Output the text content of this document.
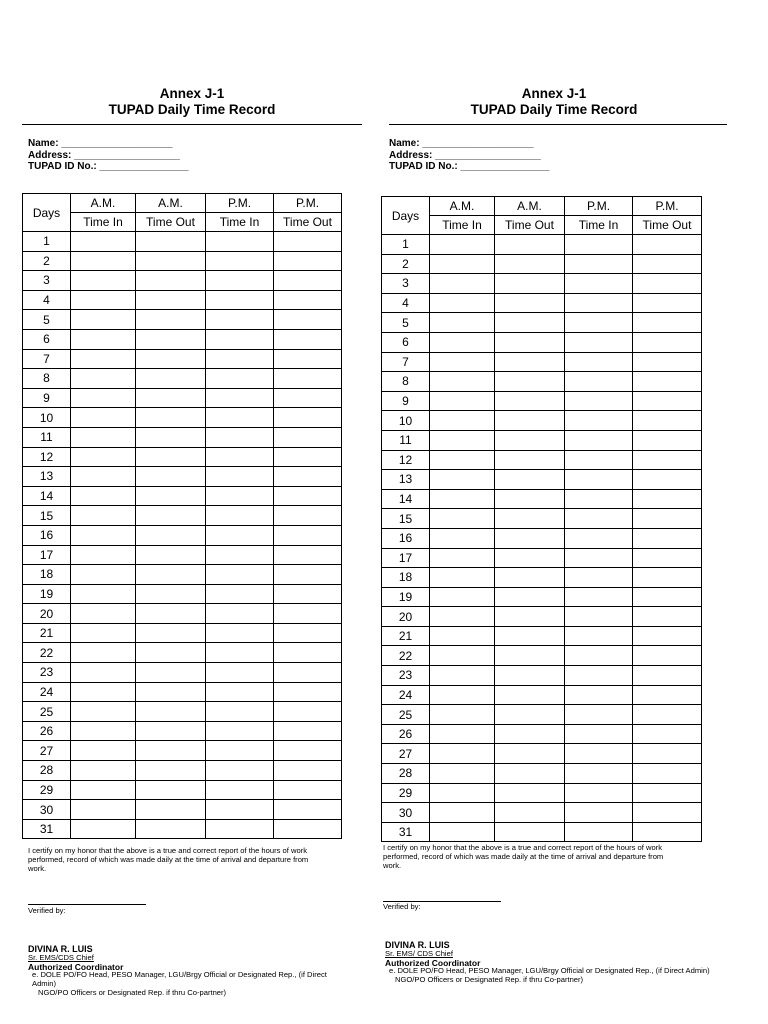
Annex J-1
TUPAD Daily Time Record
Name: ____________________
Address: ___________________
TUPAD ID No.: ________________
Days	A.M.	A.M.	P.M.	P.M.
	Time In	Time Out	Time In	Time Out
1				
2				
3				
4				
5				
6				
7				
8				
9				
10				
11				
12				
13				
14				
15				
16				
17				
18				
19				
20				
21				
22				
23				
24				
25				
26				
27				
28				
29				
30				
31				
I certify on my honor that the above is a true and correct report of the hours of work performed, record of which was made daily at the time of arrival and departure from work.
Verified by:
DIVINA R. LUIS
Sr. EMS/CDS Chief
Authorized Coordinator
e. DOLE PO/FO Head, PESO Manager, LGU/Brgy Official or Designated Rep., (if Direct Admin)
NGO/PO Officers or Designated Rep. if thru Co-partner)
Annex J-1
TUPAD Daily Time Record
Name: ____________________
Address: ___________________
TUPAD ID No.: ________________
Days	A.M.	A.M.	P.M.	P.M.
	Time In	Time Out	Time In	Time Out
1				
2				
3				
4				
5				
6				
7				
8				
9				
10				
11				
12				
13				
14				
15				
16				
17				
18				
19				
20				
21				
22				
23				
24				
25				
26				
27				
28				
29				
30				
31				
I certify on my honor that the above is a true and correct report of the hours of work performed, record of which was made daily at the time of arrival and departure from work.
Verified by:
DIVINA R. LUIS
Sr. EMS/ CDS Chief
Authorized Coordinator
e. DOLE PO/FO Head, PESO Manager, LGU/Brgy Official or Designated Rep., (if Direct Admin)
NGO/PO Officers or Designated Rep. if thru Co-partner)
